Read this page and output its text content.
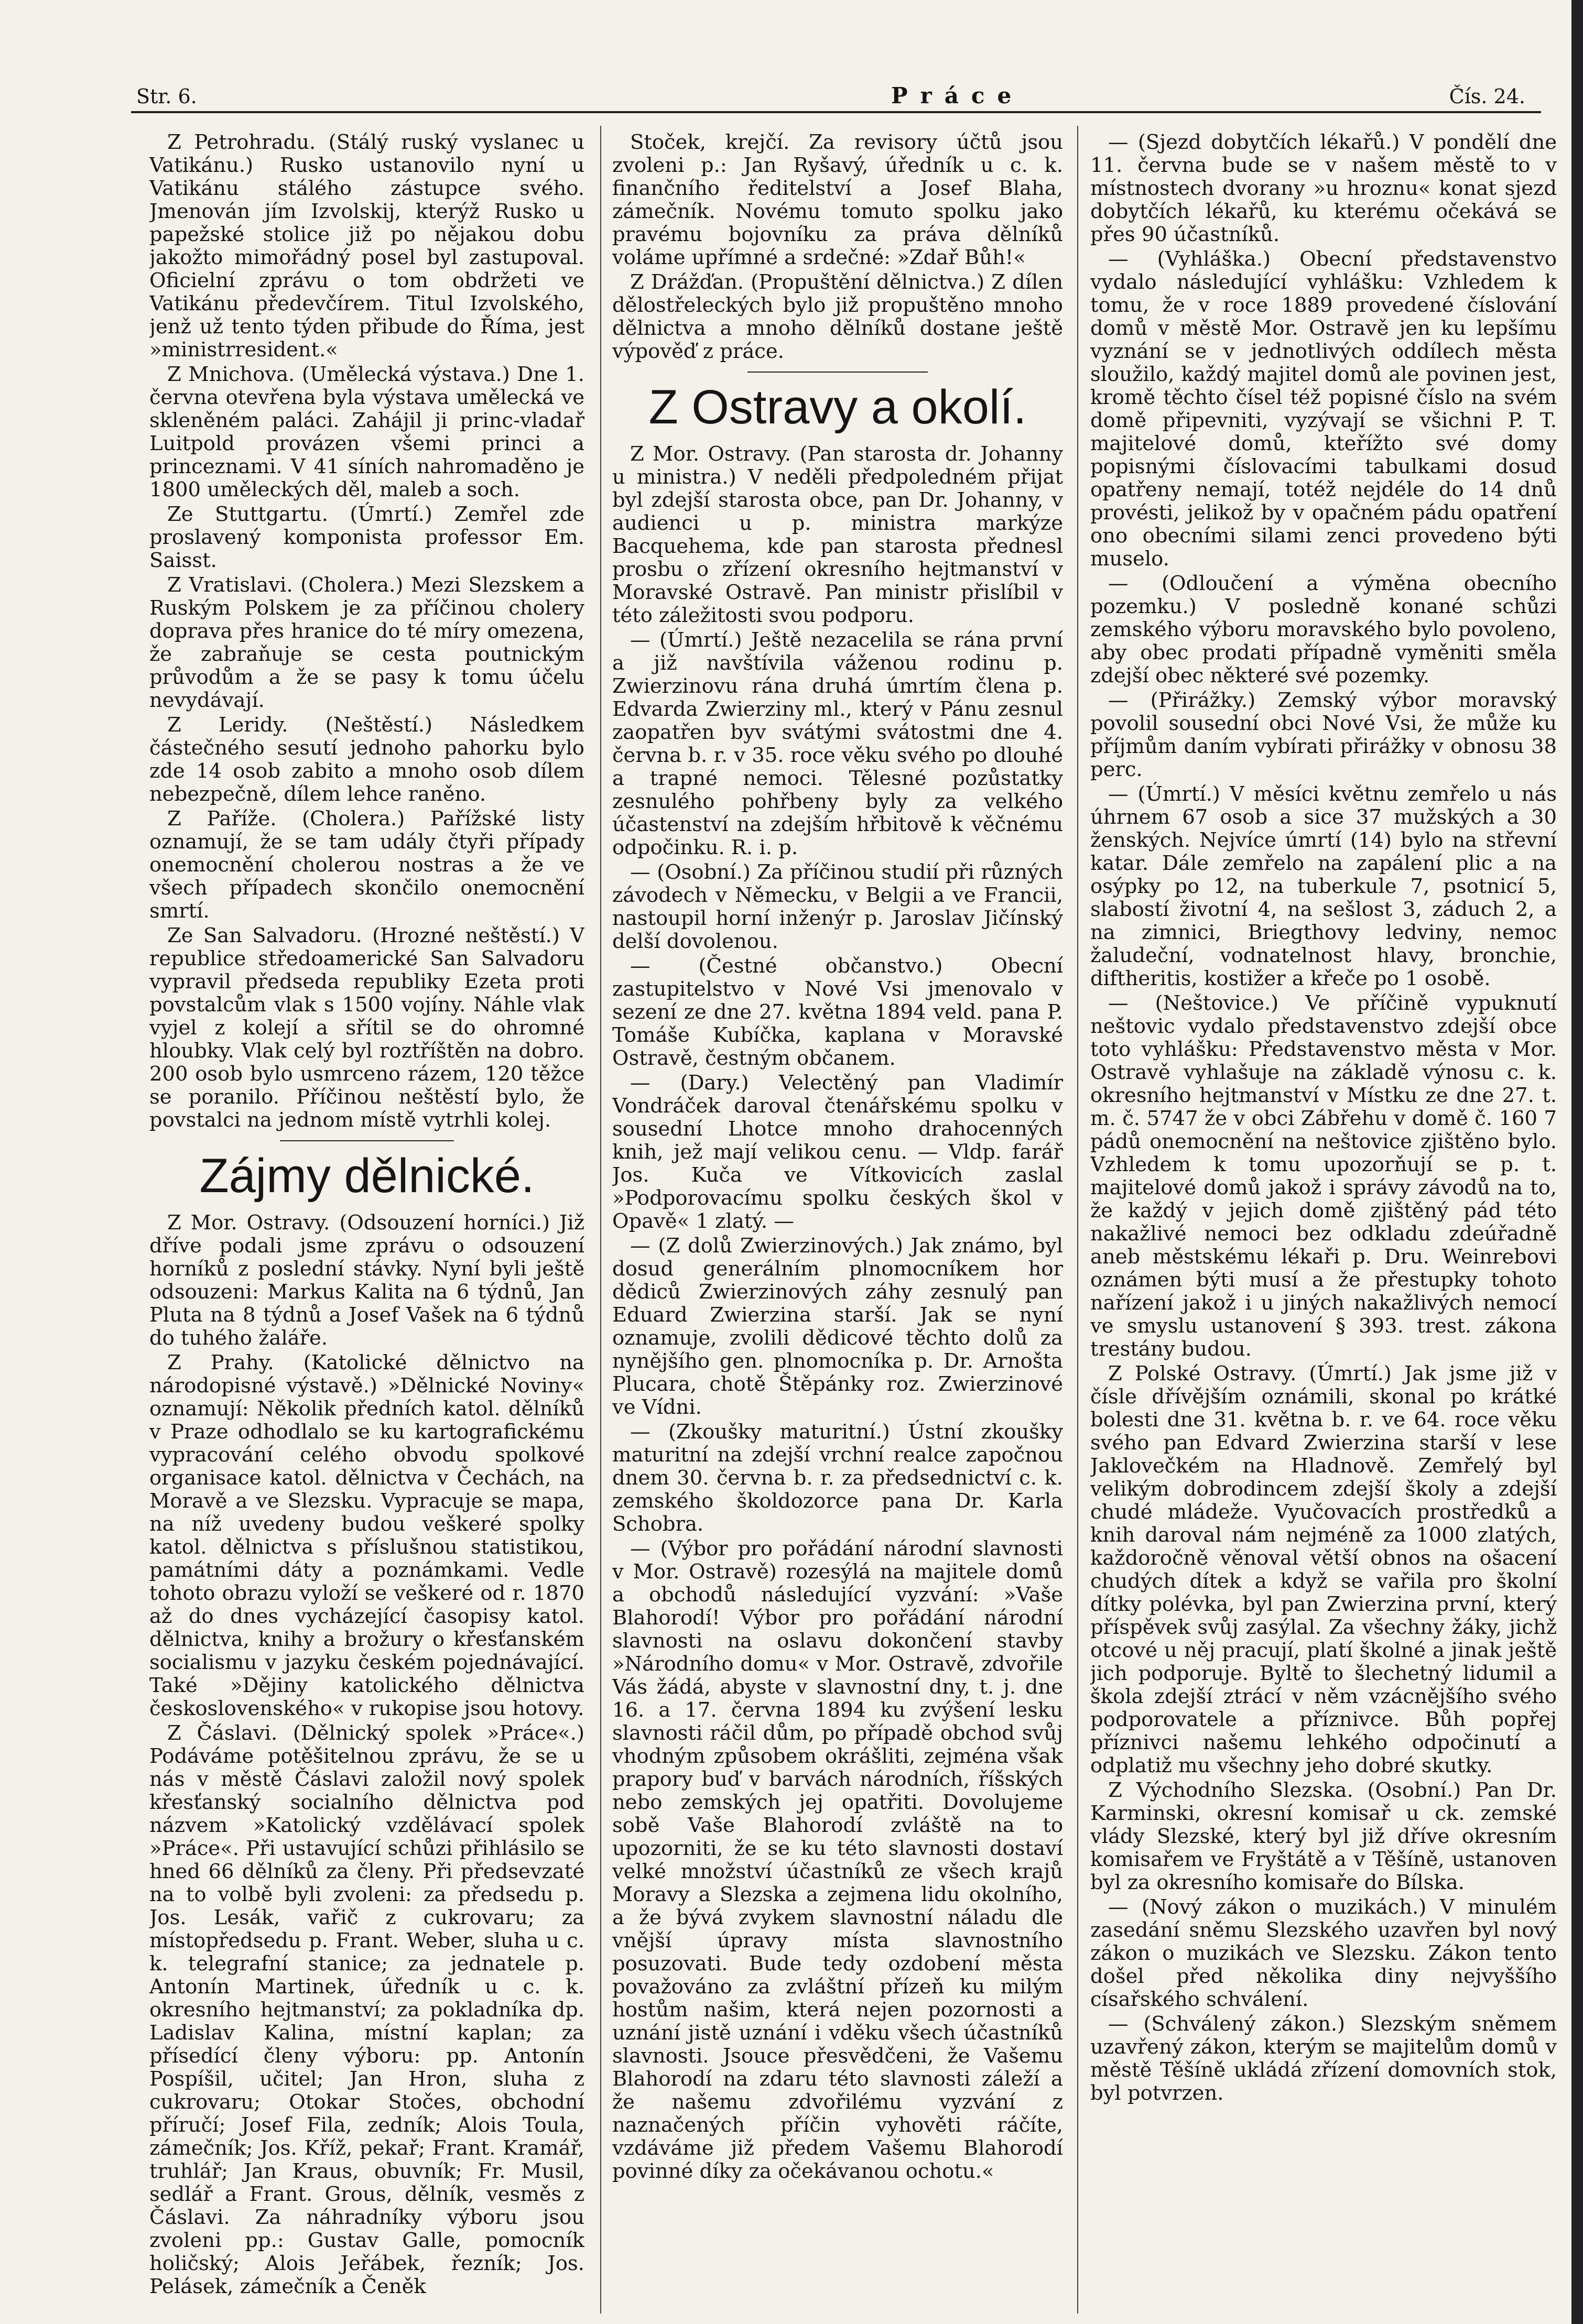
Str. 6.	Práce	Čís. 24.

Z Petrohradu. (Stálý ruský vyslanec u Vatikánu.) Rusko ustanovilo nyní u Vatikánu stálého zástupce svého. Jmenován jím Izvolskij, kterýž Rusko u papežské stolice již po nějakou dobu jakožto mimořádný posel byl zastupoval. Oficielní zprávu o tom obdržeti ve Vatikánu předevčírem. Titul Izvolského, jenž už tento týden přibude do Říma, jest »ministrresident.«

Z Mnichova. (Umělecká výstava.) Dne 1. června otevřena byla výstava umělecká ve skleněném paláci. Zahájil ji princ-vladař Luitpold provázen všemi princi a princeznami. V 41 síních nahromaděno je 1800 uměleckých děl, maleb a soch.

Ze Stuttgartu. (Úmrtí.) Zemřel zde proslavený komponista professor Em. Saisst.

Z Vratislavi. (Cholera.) Mezi Slezskem a Ruským Polskem je za příčinou cholery doprava přes hranice do té míry omezena, že zabraňuje se cesta poutnickým průvodům a že se pasy k tomu účelu nevydávají.

Z Leridy. (Neštěstí.) Následkem částečného sesutí jednoho pahorku bylo zde 14 osob zabito a mnoho osob dílem nebezpečně, dílem lehce raněno.

Z Paříže. (Cholera.) Pařížské listy oznamují, že se tam udály čtyři případy onemocnění cholerou nostras a že ve všech případech skončilo onemocnění smrtí.

Ze San Salvadoru. (Hrozné neštěstí.) V republice středoamerické San Salvadoru vypravil předseda republiky Ezeta proti povstalcům vlak s 1500 vojíny. Náhle vlak vyjel z kolejí a sřítil se do ohromné hloubky. Vlak celý byl roztříštěn na dobro. 200 osob bylo usmrceno rázem, 120 těžce se poranilo. Příčinou neštěstí bylo, že povstalci na jednom místě vytrhli kolej.

Zájmy dělnické.

Z Mor. Ostravy. (Odsouzení horníci.) Již dříve podali jsme zprávu o odsouzení horníků z poslední stávky. Nyní byli ještě odsouzeni: Markus Kalita na 6 týdnů, Jan Pluta na 8 týdnů a Josef Vašek na 6 týdnů do tuhého žaláře.

Z Prahy. (Katolické dělnictvo na národopisné výstavě.) »Dělnické Noviny« oznamují: Několik předních katol. dělníků v Praze odhodlalo se ku kartografickému vypracování celého obvodu spolkové organisace katol. dělnictva v Čechách, na Moravě a ve Slezsku. Vypracuje se mapa, na níž uvedeny budou veškeré spolky katol. dělnictva s příslušnou statistikou, památními dáty a poznámkami. Vedle tohoto obrazu vyloží se veškeré od r. 1870 až do dnes vycházející časopisy katol. dělnictva, knihy a brožury o křesťanském socialismu v jazyku českém pojednávající. Také »Dějiny katolického dělnictva československého« v rukopise jsou hotovy.

Z Čáslavi. (Dělnický spolek »Práce«.) Podáváme potěšitelnou zprávu, že se u nás v městě Čáslavi založil nový spolek křesťanský socialního dělnictva pod názvem »Katolický vzdělávací spolek »Práce«. Při ustavující schůzi přihlásilo se hned 66 dělníků za členy. Při předsevzaté na to volbě byli zvoleni: za předsedu p. Jos. Lesák, vařič z cukrovaru; za místopředsedu p. Frant. Weber, sluha u c. k. telegrafní stanice; za jednatele p. Antonín Martinek, úředník u c. k. okresního hejtmanství; za pokladníka dp. Ladislav Kalina, místní kaplan; za přísedící členy výboru: pp. Antonín Pospíšil, učitel; Jan Hron, sluha z cukrovaru; Otokar Stočes, obchodní příručí; Josef Fila, zedník; Alois Toula, zámečník; Jos. Kříž, pekař; Frant. Kramář, truhlář; Jan Kraus, obuvník; Fr. Musil, sedlář a Frant. Grous, dělník, vesměs z Čáslavi. Za náhradníky výboru jsou zvoleni pp.: Gustav Galle, pomocník holičský; Alois Jeřábek, řezník; Jos. Pelásek, zámečník a Čeněk

Stoček, krejčí. Za revisory účtů jsou zvoleni p.: Jan Ryšavý, úředník u c. k. finančního ředitelství a Josef Blaha, zámečník. Novému tomuto spolku jako pravému bojovníku za práva dělníků voláme upřímné a srdečné: »Zdař Bůh!«

Z Drážďan. (Propuštění dělnictva.) Z dílen dělostřeleckých bylo již propuštěno mnoho dělnictva a mnoho dělníků dostane ještě výpověď z práce.

Z Ostravy a okolí.

Z Mor. Ostravy. (Pan starosta dr. Johanny u ministra.) V neděli předpoledném přijat byl zdejší starosta obce, pan Dr. Johanny, v audienci u p. ministra markýze Bacquehema, kde pan starosta přednesl prosbu o zřízení okresního hejtmanství v Moravské Ostravě. Pan ministr přislíbil v této záležitosti svou podporu.

— (Úmrtí.) Ještě nezacelila se rána první a již navštívila váženou rodinu p. Zwierzinovu rána druhá úmrtím člena p. Edvarda Zwierziny ml., který v Pánu zesnul zaopatřen byv svátými svátostmi dne 4. června b. r. v 35. roce věku svého po dlouhé a trapné nemoci. Tělesné pozůstatky zesnulého pohřbeny byly za velkého účastenství na zdejším hřbitově k věčnému odpočinku. R. i. p.

— (Osobní.) Za příčinou studií při různých závodech v Německu, v Belgii a ve Francii, nastoupil horní inženýr p. Jaroslav Jičínský delší dovolenou.

— (Čestné občanstvo.) Obecní zastupitelstvo v Nové Vsi jmenovalo v sezení ze dne 27. května 1894 veld. pana P. Tomáše Kubíčka, kaplana v Moravské Ostravě, čestným občanem.

— (Dary.) Velectěný pan Vladimír Vondráček daroval čtenářskému spolku v sousední Lhotce mnoho drahocenných knih, jež mají velikou cenu. — Vldp. farář Jos. Kuča ve Vítkovicích zaslal »Podporovacímu spolku českých škol v Opavě« 1 zlatý. —

— (Z dolů Zwierzinových.) Jak známo, byl dosud generálním plnomocníkem hor dědiců Zwierzinových záhy zesnulý pan Eduard Zwierzina starší. Jak se nyní oznamuje, zvolili dědicové těchto dolů za nynějšího gen. plnomocníka p. Dr. Arnošta Plucara, chotě Štěpánky roz. Zwierzinové ve Vídni.

— (Zkoušky maturitní.) Ústní zkoušky maturitní na zdejší vrchní realce započnou dnem 30. června b. r. za předsednictví c. k. zemského školdozorce pana Dr. Karla Schobra.

— (Výbor pro pořádání národní slavnosti v Mor. Ostravě) rozesýlá na majitele domů a obchodů následující vyzvání: »Vaše Blahorodí! Výbor pro pořádání národní slavnosti na oslavu dokončení stavby »Národního domu« v Mor. Ostravě, zdvořile Vás žádá, abyste v slavnostní dny, t. j. dne 16. a 17. června 1894 ku zvýšení lesku slavnosti ráčil dům, po případě obchod svůj vhodným způsobem okrášliti, zejména však prapory buď v barvách národních, říšských nebo zemských jej opatřiti. Dovolujeme sobě Vaše Blahorodí zvláště na to upozorniti, že se ku této slavnosti dostaví velké množství účastníků ze všech krajů Moravy a Slezska a zejmena lidu okolního, a že bývá zvykem slavnostní náladu dle vnější úpravy místa slavnostního posuzovati. Bude tedy ozdobení města považováno za zvláštní přízeň ku milým hostům našim, která nejen pozornosti a uznání jistě uznání i vděku všech účastníků slavnosti. Jsouce přesvědčeni, že Vašemu Blahorodí na zdaru této slavnosti záleží a že našemu zdvořilému vyzvání z naznačených příčin vyhověti ráčíte, vzdáváme již předem Vašemu Blahorodí povinné díky za očekávanou ochotu.«

— (Sjezd dobytčích lékařů.) V pondělí dne 11. června bude se v našem městě to v místnostech dvorany »u hroznu« konat sjezd dobytčích lékařů, ku kterému očekává se přes 90 účastníků.

— (Vyhláška.) Obecní představenstvo vydalo následující vyhlášku: Vzhledem k tomu, že v roce 1889 provedené číslování domů v městě Mor. Ostravě jen ku lepšímu vyznání se v jednotlivých oddílech města sloužilo, každý majitel domů ale povinen jest, kromě těchto čísel též popisné číslo na svém domě připevniti, vyzývají se všichni P. T. majitelové domů, kteřížto své domy popisnými číslovacími tabulkami dosud opatřeny nemají, totéž nejdéle do 14 dnů provésti, jelikož by v opačném pádu opatření ono obecními silami zenci provedeno býti muselo.

— (Odloučení a výměna obecního pozemku.) V posledně konané schůzi zemského výboru moravského bylo povoleno, aby obec prodati případně vyměniti směla zdejší obec některé své pozemky.

— (Přirážky.) Zemský výbor moravský povolil sousední obci Nové Vsi, že může ku příjmům daním vybírati přirážky v obnosu 38 perc.

— (Úmrtí.) V měsíci květnu zemřelo u nás úhrnem 67 osob a sice 37 mužských a 30 ženských. Nejvíce úmrtí (14) bylo na střevní katar. Dále zemřelo na zapálení plic a na osýpky po 12, na tuberkule 7, psotnicí 5, slabostí životní 4, na sešlost 3, záduch 2, a na zimnici, Briegthovy ledviny, nemoc žaludeční, vodnatelnost hlavy, bronchie, diftheritis, kostižer a křeče po 1 osobě.

— (Neštovice.) Ve příčině vypuknutí neštovic vydalo představenstvo zdejší obce toto vyhlášku: Představenstvo města v Mor. Ostravě vyhlašuje na základě výnosu c. k. okresního hejtmanství v Místku ze dne 27. t. m. č. 5747 že v obci Zábřehu v domě č. 160 7 pádů onemocnění na neštovice zjištěno bylo. Vzhledem k tomu upozorňují se p. t. majitelové domů jakož i správy závodů na to, že každý v jejich domě zjištěný pád této nakažlivé nemoci bez odkladu zdeúřadně aneb městskému lékaři p. Dru. Weinrebovi oznámen býti musí a že přestupky tohoto nařízení jakož i u jiných nakažlivých nemocí ve smyslu ustanovení § 393. trest. zákona trestány budou.

Z Polské Ostravy. (Úmrtí.) Jak jsme již v čísle dřívějším oznámili, skonal po krátké bolesti dne 31. května b. r. ve 64. roce věku svého pan Edvard Zwierzina starší v lese Jaklovečkém na Hladnově. Zemřelý byl velikým dobrodincem zdejší školy a zdejší chudé mládeže. Vyučovacích prostředků a knih daroval nám nejméně za 1000 zlatých, každoročně věnoval větší obnos na ošacení chudých dítek a když se vařila pro školní dítky polévka, byl pan Zwierzina první, který příspěvek svůj zasýlal. Za všechny žáky, jichž otcové u něj pracují, platí školné a jinak ještě jich podporuje. Byltě to šlechetný lidumil a škola zdejší ztrácí v něm vzácnějšího svého podporovatele a příznivce. Bůh popřej příznivci našemu lehkého odpočinutí a odplatiž mu všechny jeho dobré skutky.

Z Východního Slezska. (Osobní.) Pan Dr. Karminski, okresní komisař u ck. zemské vlády Slezské, který byl již dříve okresním komisařem ve Fryštátě a v Těšíně, ustanoven byl za okresního komisaře do Bílska.

— (Nový zákon o muzikách.) V minulém zasedání sněmu Slezského uzavřen byl nový zákon o muzikách ve Slezsku. Zákon tento došel před několika diny nejvyššího císařského schválení.

— (Schválený zákon.) Slezským sněmem uzavřený zákon, kterým se majitelům domů v městě Těšíně ukládá zřízení domovních stok, byl potvrzen.
